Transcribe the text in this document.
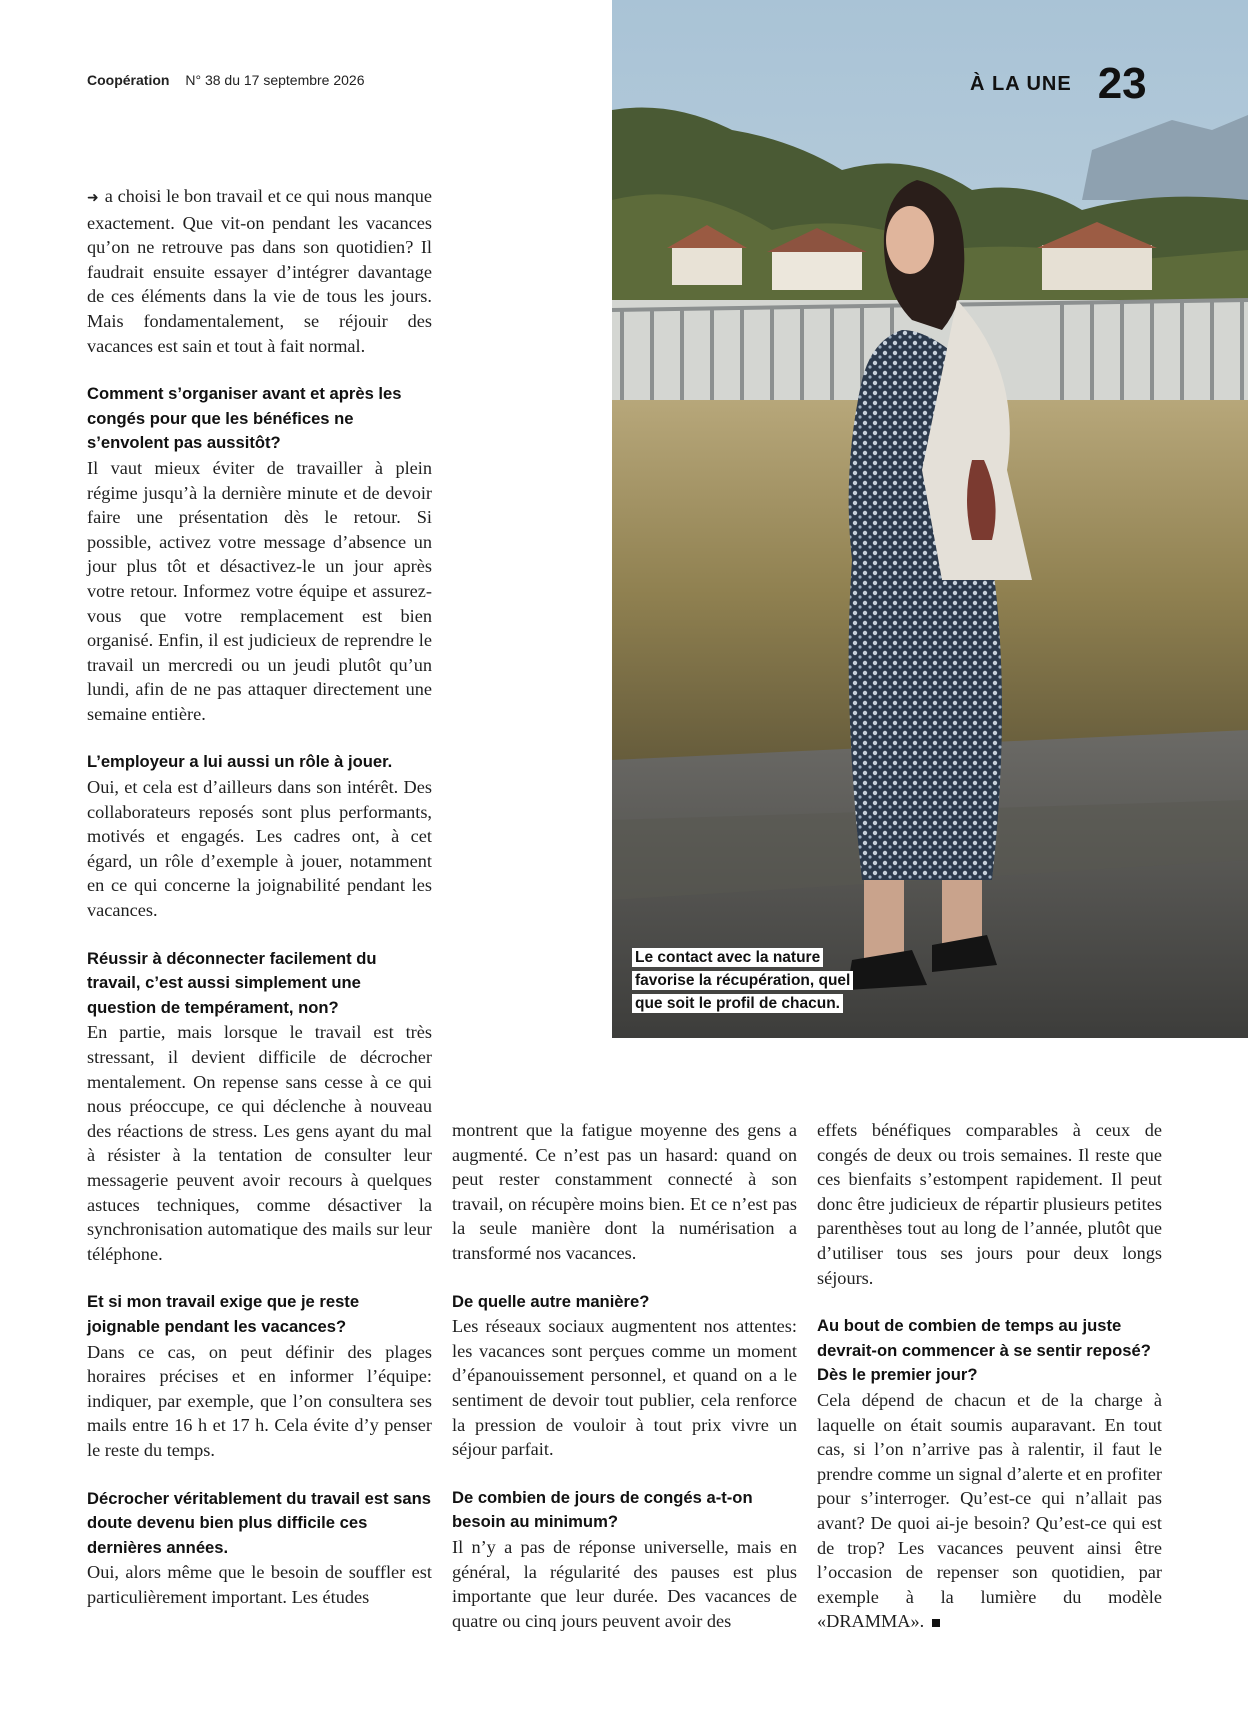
Coopération N° 38 du 17 septembre 2026	À LA UNE 23
Le contact avec la nature favorise la récupération, quel que soit le profil de chacun.

➜ a choisi le bon travail et ce qui nous manque exactement. Que vit-on pendant les vacances qu’on ne retrouve pas dans son quotidien? Il faudrait ensuite essayer d’intégrer davantage de ces éléments dans la vie de tous les jours. Mais fondamentalement, se réjouir des vacances est sain et tout à fait normal.

Comment s’organiser avant et après les congés pour que les bénéfices ne s’envolent pas aussitôt?

Il vaut mieux éviter de travailler à plein régime jusqu’à la dernière minute et de devoir faire une présentation dès le retour. Si possible, activez votre message d’absence un jour plus tôt et désactivez-le un jour après votre retour. Informez votre équipe et assurez-vous que votre remplacement est bien organisé. Enfin, il est judicieux de reprendre le travail un mercredi ou un jeudi plutôt qu’un lundi, afin de ne pas attaquer directement une semaine entière.

L’employeur a lui aussi un rôle à jouer.

Oui, et cela est d’ailleurs dans son intérêt. Des collaborateurs reposés sont plus performants, motivés et engagés. Les cadres ont, à cet égard, un rôle d’exemple à jouer, notamment en ce qui concerne la joignabilité pendant les vacances.

Réussir à déconnecter facilement du travail, c’est aussi simplement une question de tempérament, non?

En partie, mais lorsque le travail est très stressant, il devient difficile de décrocher mentalement. On repense sans cesse à ce qui nous préoccupe, ce qui déclenche à nouveau des réactions de stress. Les gens ayant du mal à résister à la tentation de consulter leur messagerie peuvent avoir recours à quelques astuces techniques, comme désactiver la synchronisation automatique des mails sur leur téléphone.

Et si mon travail exige que je reste joignable pendant les vacances?

Dans ce cas, on peut définir des plages horaires précises et en informer l’équipe: indiquer, par exemple, que l’on consultera ses mails entre 16 h et 17 h. Cela évite d’y penser le reste du temps.

Décrocher véritablement du travail est sans doute devenu bien plus difficile ces dernières années.

Oui, alors même que le besoin de souffler est particulièrement important. Les études

montrent que la fatigue moyenne des gens a augmenté. Ce n’est pas un hasard: quand on peut rester constamment connecté à son travail, on récupère moins bien. Et ce n’est pas la seule manière dont la numérisation a transformé nos vacances.

De quelle autre manière?

Les réseaux sociaux augmentent nos attentes: les vacances sont perçues comme un moment d’épanouissement personnel, et quand on a le sentiment de devoir tout publier, cela renforce la pression de vouloir à tout prix vivre un séjour parfait.

De combien de jours de congés a-t-on besoin au minimum?

Il n’y a pas de réponse universelle, mais en général, la régularité des pauses est plus importante que leur durée. Des vacances de quatre ou cinq jours peuvent avoir des

effets bénéfiques comparables à ceux de congés de deux ou trois semaines. Il reste que ces bienfaits s’estompent rapidement. Il peut donc être judicieux de répartir plusieurs petites parenthèses tout au long de l’année, plutôt que d’utiliser tous ses jours pour deux longs séjours.

Au bout de combien de temps au juste devrait-on commencer à se sentir reposé? Dès le premier jour?

Cela dépend de chacun et de la charge à laquelle on était soumis auparavant. En tout cas, si l’on n’arrive pas à ralentir, il faut le prendre comme un signal d’alerte et en profiter pour s’interroger. Qu’est-ce qui n’allait pas avant? De quoi ai-je besoin? Qu’est-ce qui est de trop? Les vacances peuvent ainsi être l’occasion de repenser son quotidien, par exemple à la lumière du modèle «DRAMMA».
